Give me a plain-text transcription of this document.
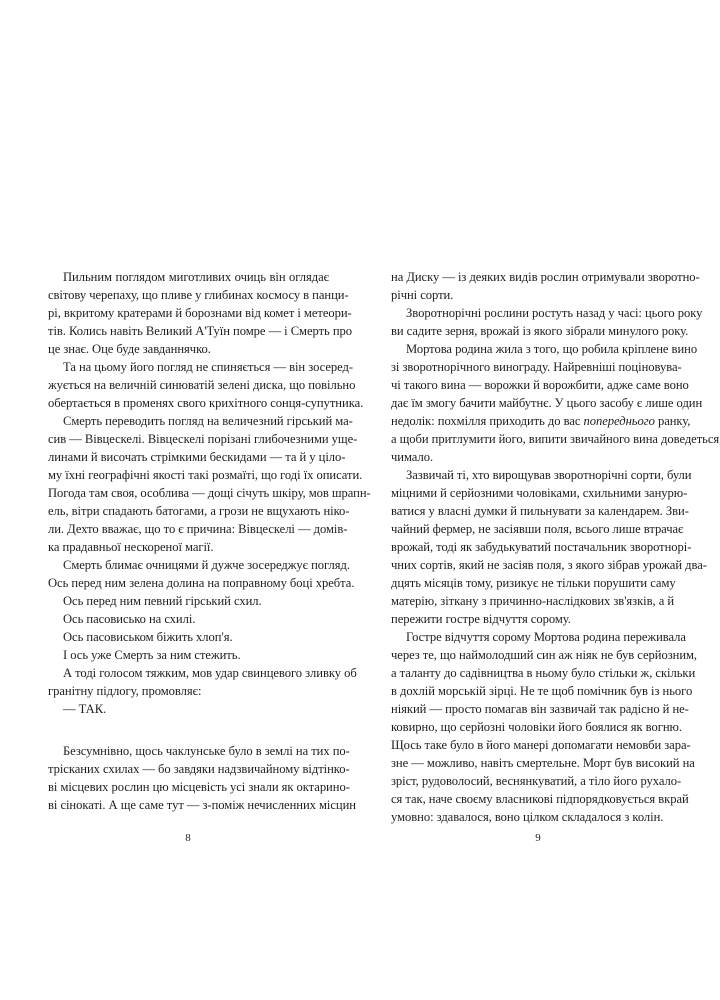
Пильним поглядом миготливих очиць він оглядає
світову черепаху, що пливе у глибинах космосу в панци-
рі, вкритому кратерами й борознами від комет і метеори-
тів. Колись навіть Великий А'Туїн помре — і Смерть про
це знає. Оце буде завданнячко.
Та на цьому його погляд не спиняється — він зосеред-
жується на величній синюватій зелені диска, що повільно
обертається в променях свого крихітного сонця-супутника.
Смерть переводить погляд на величезний гірський ма-
сив — Вівцескелі. Вівцескелі порізані глибочезними уще-
линами й височать стрімкими бескидами — та й у ціло-
му їхні географічні якості такі розмаїті, що годі їх описати.
Погода там своя, особлива — дощі січуть шкіру, мов шрапн-
ель, вітри спадають батогами, а грози не вщухають ніко-
ли. Дехто вважає, що то є причина: Вівцескелі — домів-
ка прадавньої нескореної магії.
Смерть блимає очницями й дужче зосереджує погляд.
Ось перед ним зелена долина на поправному боці хребта.
Ось перед ним певний гірський схил.
Ось пасовисько на схилі.
Ось пасовиськом біжить хлоп'я.
І ось уже Смерть за ним стежить.
А тоді голосом тяжким, мов удар свинцевого зливку об
гранітну підлогу, промовляє:
— ТАК.
Безсумнівно, щось чаклунське було в землі на тих по-
трісканих схилах — бо завдяки надзвичайному відтінко-
ві місцевих рослин цю місцевість усі знали як октарино-
ві сінокаті. А ще саме тут — з-поміж нечисленних місцин
8
на Диску — із деяких видів рослин отримували зворотно-
річні сорти.
Зворотнорічні рослини ростуть назад у часі: цього року
ви садите зерня, врожай із якого зібрали минулого року.
Мортова родина жила з того, що робила кріплене вино
зі зворотнорічного винограду. Найревніші поціновува-
чі такого вина — ворожки й ворожбити, адже саме воно
дає їм змогу бачити майбутнє. У цього засобу є лише один
недолік: похмілля приходить до вас попереднього ранку,
а щоби притлумити його, випити звичайного вина доведеться
чимало.
Зазвичай ті, хто вирощував зворотнорічні сорти, були
міцними й серйозними чоловіками, схильними занурю-
ватися у власні думки й пильнувати за календарем. Зви-
чайний фермер, не засіявши поля, всього лише втрачає
врожай, тоді як забудькуватий постачальник зворотнорі-
чних сортів, який не засіяв поля, з якого зібрав урожай два-
дцять місяців тому, ризикує не тільки порушити саму
матерію, зіткану з причинно-наслідкових зв'язків, а й
пережити гостре відчуття сорому.
Гостре відчуття сорому Мортова родина переживала
через те, що наймолодший син аж ніяк не був серйозним,
а таланту до садівництва в ньому було стільки ж, скільки
в дохлій морській зірці. Не те щоб помічник був із нього
ніякий — просто помагав він зазвичай так радісно й не-
ковирно, що серйозні чоловіки його боялися як вогню.
Щось таке було в його манері допомагати немовби зара-
зне — можливо, навіть смертельне. Морт був високий на
зріст, рудоволосий, веснянкуватий, а тіло його рухало-
ся так, наче своєму власникові підпорядковується вкрай
умовно: здавалося, воно цілком складалося з колін.
9
